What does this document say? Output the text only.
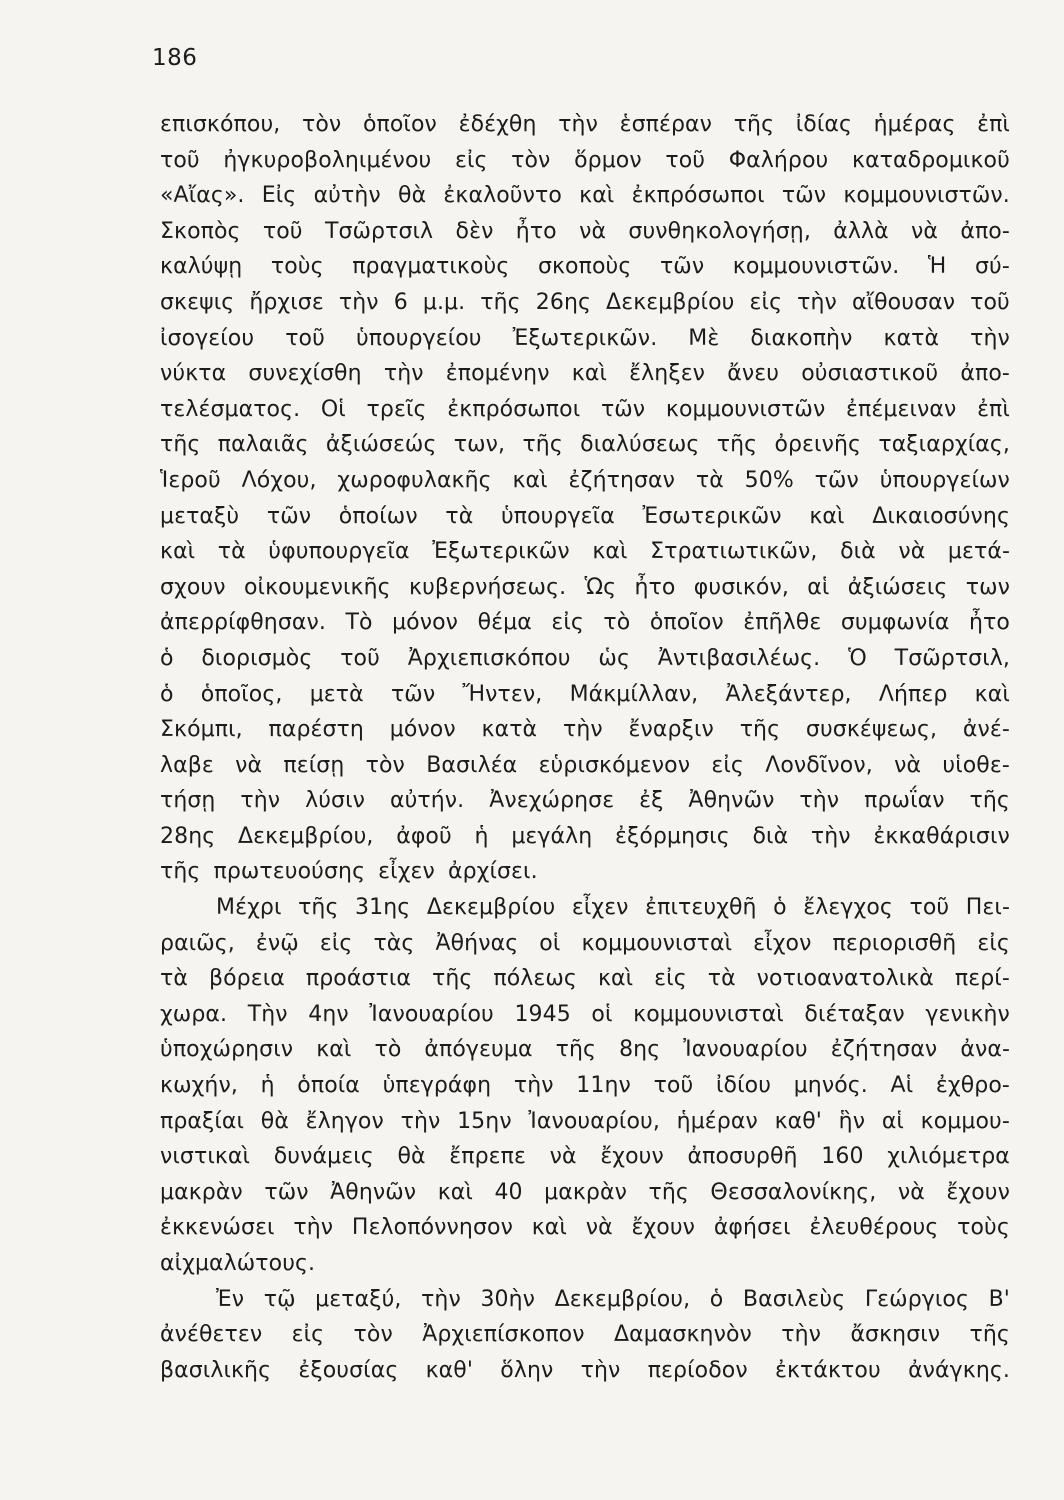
186
επισκόπου, τὸν ὁποῖον ἐδέχθη τὴν ἑσπέραν τῆς ἰδίας ἡμέρας ἐπὶ
τοῦ ἠγκυροβοληιμένου εἰς τὸν ὅρμον τοῦ Φαλήρου καταδρομικοῦ
«Αἴας». Εἰς αὐτὴν θὰ ἐκαλοῦντο καὶ ἐκπρόσωποι τῶν κομμουνιστῶν.
Σκοπὸς τοῦ Τσῶρτσιλ δὲν ἦτο νὰ συνθηκολογήσῃ, ἀλλὰ νὰ ἀπο-
καλύψῃ τοὺς πραγματικοὺς σκοποὺς τῶν κομμουνιστῶν. Ἡ σύ-
σκεψις ἤρχισε τὴν 6 μ.μ. τῆς 26ης Δεκεμβρίου εἰς τὴν αἴθουσαν τοῦ
ἰσογείου τοῦ ὑπουργείου Ἐξωτερικῶν. Μὲ διακοπὴν κατὰ τὴν
νύκτα συνεχίσθη τὴν ἐπομένην καὶ ἔληξεν ἄνευ οὐσιαστικοῦ ἀπο-
τελέσματος. Οἱ τρεῖς ἐκπρόσωποι τῶν κομμουνιστῶν ἐπέμειναν ἐπὶ
τῆς παλαιᾶς ἀξιώσεώς των, τῆς διαλύσεως τῆς ὀρεινῆς ταξιαρχίας,
Ἱεροῦ Λόχου, χωροφυλακῆς καὶ ἐζήτησαν τὰ 50% τῶν ὑπουργείων
μεταξὺ τῶν ὁποίων τὰ ὑπουργεῖα Ἐσωτερικῶν καὶ Δικαιοσύνης
καὶ τὰ ὑφυπουργεῖα Ἐξωτερικῶν καὶ Στρατιωτικῶν, διὰ νὰ μετά-
σχουν οἰκουμενικῆς κυβερνήσεως. Ὡς ἦτο φυσικόν, αἱ ἀξιώσεις των
ἀπερρίφθησαν. Τὸ μόνον θέμα εἰς τὸ ὁποῖον ἐπῆλθε συμφωνία ἦτο
ὁ διορισμὸς τοῦ Ἀρχιεπισκόπου ὡς Ἀντιβασιλέως. Ὁ Τσῶρτσιλ,
ὁ ὁποῖος, μετὰ τῶν Ἤντεν, Μάκμίλλαν, Ἀλεξάντερ, Λήπερ καὶ
Σκόμπι, παρέστη μόνον κατὰ τὴν ἔναρξιν τῆς συσκέψεως, ἀνέ-
λαβε νὰ πείσῃ τὸν Βασιλέα εὑρισκόμενον εἰς Λονδῖνον, νὰ υἱοθε-
τήσῃ τὴν λύσιν αὐτήν. Ἀνεχώρησε ἐξ Ἀθηνῶν τὴν πρωΐαν τῆς
28ης Δεκεμβρίου, ἀφοῦ ἡ μεγάλη ἐξόρμησις διὰ τὴν ἐκκαθάρισιν
τῆς πρωτευούσης εἶχεν ἀρχίσει.
Μέχρι τῆς 31ης Δεκεμβρίου εἶχεν ἐπιτευχθῆ ὁ ἔλεγχος τοῦ Πει-
ραιῶς, ἐνῷ εἰς τὰς Ἀθήνας οἱ κομμουνισταὶ εἶχον περιορισθῆ εἰς
τὰ βόρεια προάστια τῆς πόλεως καὶ εἰς τὰ νοτιοανατολικὰ περί-
χωρα. Τὴν 4ην Ἰανουαρίου 1945 οἱ κομμουνισταὶ διέταξαν γενικὴν
ὑποχώρησιν καὶ τὸ ἀπόγευμα τῆς 8ης Ἰανουαρίου ἐζήτησαν ἀνα-
κωχήν, ἡ ὁποία ὑπεγράφη τὴν 11ην τοῦ ἰδίου μηνός. Αἱ ἐχθρο-
πραξίαι θὰ ἔληγον τὴν 15ην Ἰανουαρίου, ἡμέραν καθ' ἣν αἱ κομμου-
νιστικαὶ δυνάμεις θὰ ἔπρεπε νὰ ἔχουν ἀποσυρθῆ 160 χιλιόμετρα
μακρὰν τῶν Ἀθηνῶν καὶ 40 μακρὰν τῆς Θεσσαλονίκης, νὰ ἔχουν
ἐκκενώσει τὴν Πελοπόννησον καὶ νὰ ἔχουν ἀφήσει ἐλευθέρους τοὺς
αἰχμαλώτους.
Ἐν τῷ μεταξύ, τὴν 30ὴν Δεκεμβρίου, ὁ Βασιλεὺς Γεώργιος Β'
ἀνέθετεν εἰς τὸν Ἀρχιεπίσκοπον Δαμασκηνὸν τὴν ἄσκησιν τῆς
βασιλικῆς ἐξουσίας καθ' ὅλην τὴν περίοδον ἐκτάκτου ἀνάγκης.
